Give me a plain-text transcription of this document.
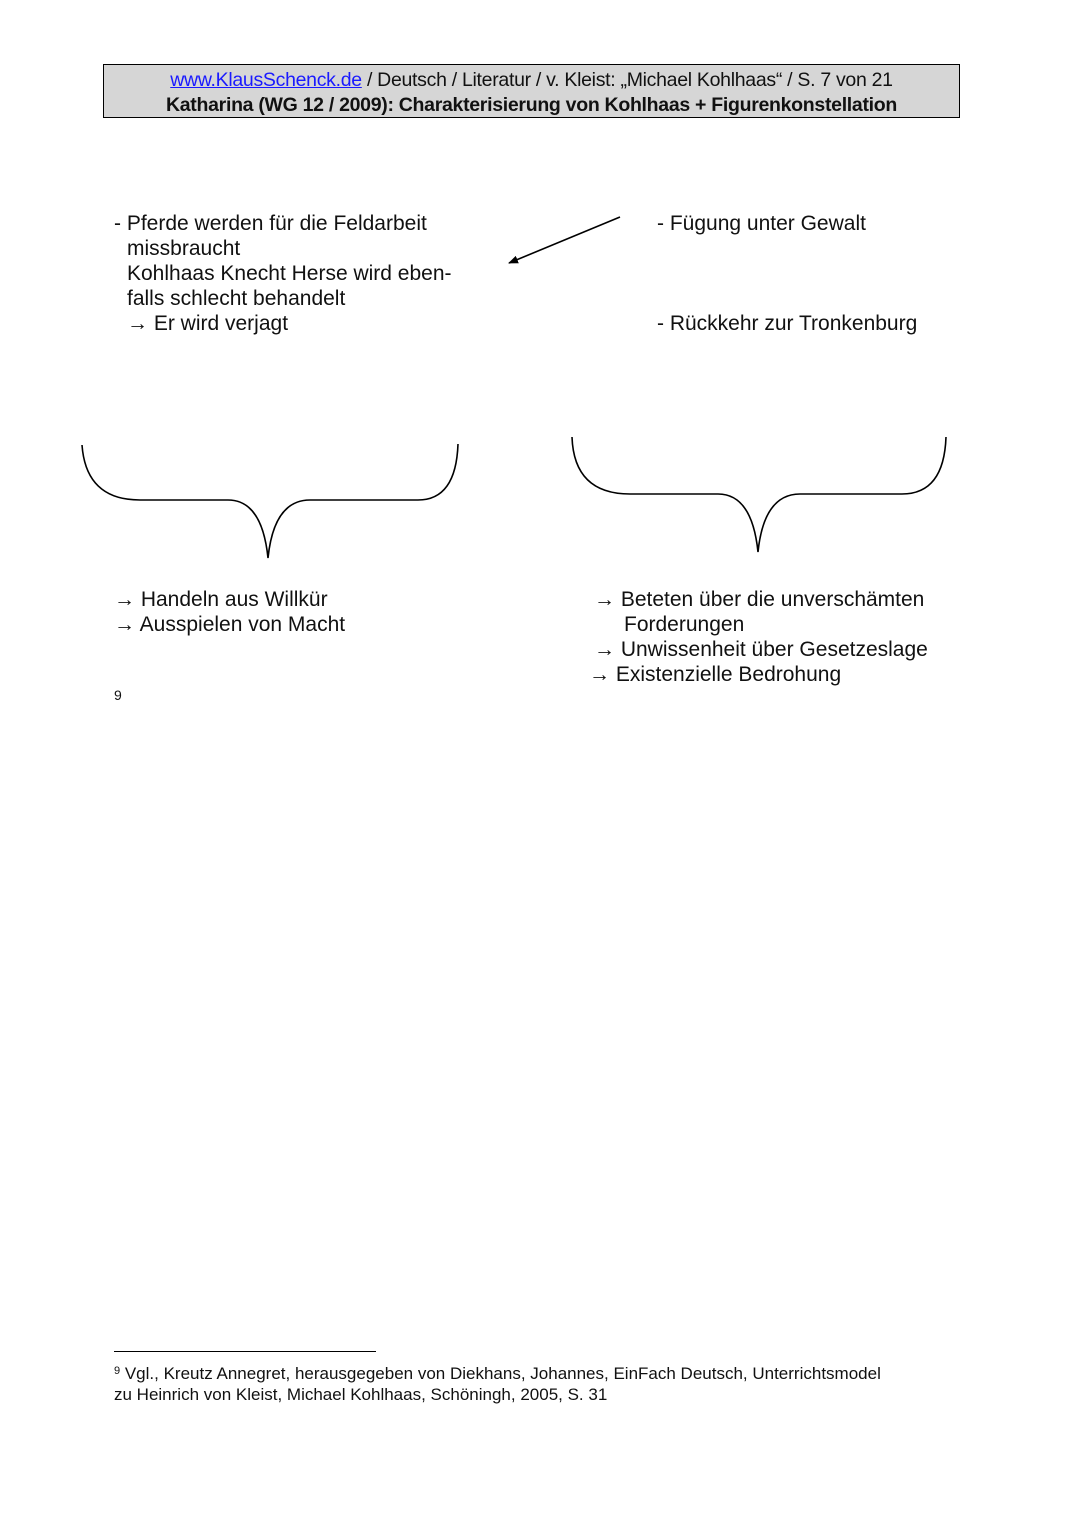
www.KlausSchenck.de / Deutsch / Literatur / v. Kleist: „Michael Kohlhaas“ / S. 7 von 21
Katharina (WG 12 / 2009): Charakterisierung von Kohlhaas + Figurenkonstellation
- Pferde werden für die Feldarbeit
missbraucht
Kohlhaas Knecht Herse wird eben-
falls schlecht behandelt
→ Er wird verjagt
- Fügung unter Gewalt
- Rückkehr zur Tronkenburg
→ Handeln aus Willkür
→ Ausspielen von Macht
→ Beteten über die unverschämten
Forderungen
→ Unwissenheit über Gesetzeslage
→ Existenzielle Bedrohung
9
$^9$ Vgl., Kreutz Annegret, herausgegeben von Diekhans, Johannes, EinFach Deutsch, Unterrichtsmodel
zu Heinrich von Kleist, Michael Kohlhaas, Schöningh, 2005, S. 31
